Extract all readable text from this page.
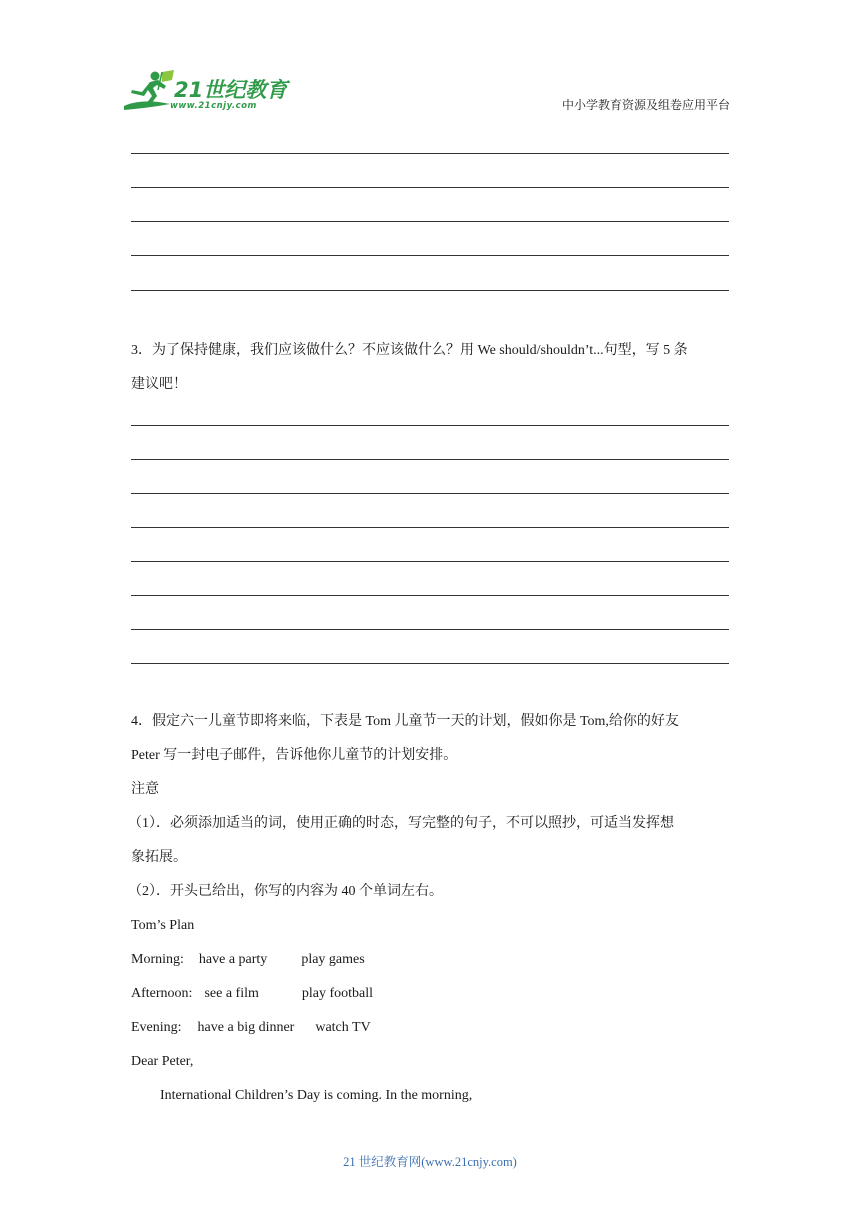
21世纪教育
www.21cnjy.com	中小学教育资源及组卷应用平台
3．为了保持健康，我们应该做什么？不应该做什么？用 We should/shouldn’t...句型，写 5 条
建议吧！
4．假定六一儿童节即将来临，下表是 Tom 儿童节一天的计划，假如你是 Tom,给你的好友
Peter 写一封电子邮件，告诉他你儿童节的计划安排。
注意
（1）．必须添加适当的词，使用正确的时态，写完整的句子，不可以照抄，可适当发挥想
象拓展。
（2）．开头已给出，你写的内容为 40 个单词左右。
Tom’s Plan
Morning: have a party play games
Afternoon: see a film	play football
Evening: have a big dinner watch TV
Dear Peter,
International Children’s Day is coming. In the morning,
21 世纪教育网(www.21cnjy.com)
